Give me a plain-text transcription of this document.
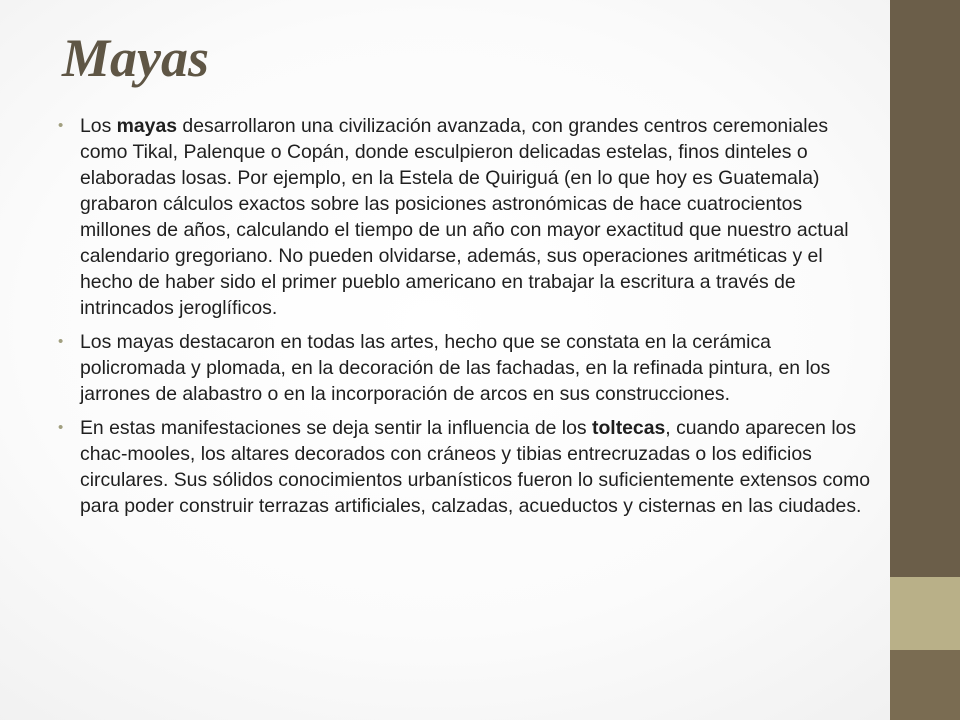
Mayas
• Los mayas desarrollaron una civilización avanzada, con grandes centros ceremoniales como Tikal, Palenque o Copán, donde esculpieron delicadas estelas, finos dinteles o elaboradas losas. Por ejemplo, en la Estela de Quiriguá (en lo que hoy es Guatemala) grabaron cálculos exactos sobre las posiciones astronómicas de hace cuatrocientos millones de años, calculando el tiempo de un año con mayor exactitud que nuestro actual calendario gregoriano. No pueden olvidarse, además, sus operaciones aritméticas y el hecho de haber sido el primer pueblo americano en trabajar la escritura a través de intrincados jeroglíficos.
• Los mayas destacaron en todas las artes, hecho que se constata en la cerámica policromada y plomada, en la decoración de las fachadas, en la refinada pintura, en los jarrones de alabastro o en la incorporación de arcos en sus construcciones.
• En estas manifestaciones se deja sentir la influencia de los toltecas, cuando aparecen los chac-mooles, los altares decorados con cráneos y tibias entrecruzadas o los edificios circulares. Sus sólidos conocimientos urbanísticos fueron lo suficientemente extensos como para poder construir terrazas artificiales, calzadas, acueductos y cisternas en las ciudades.
